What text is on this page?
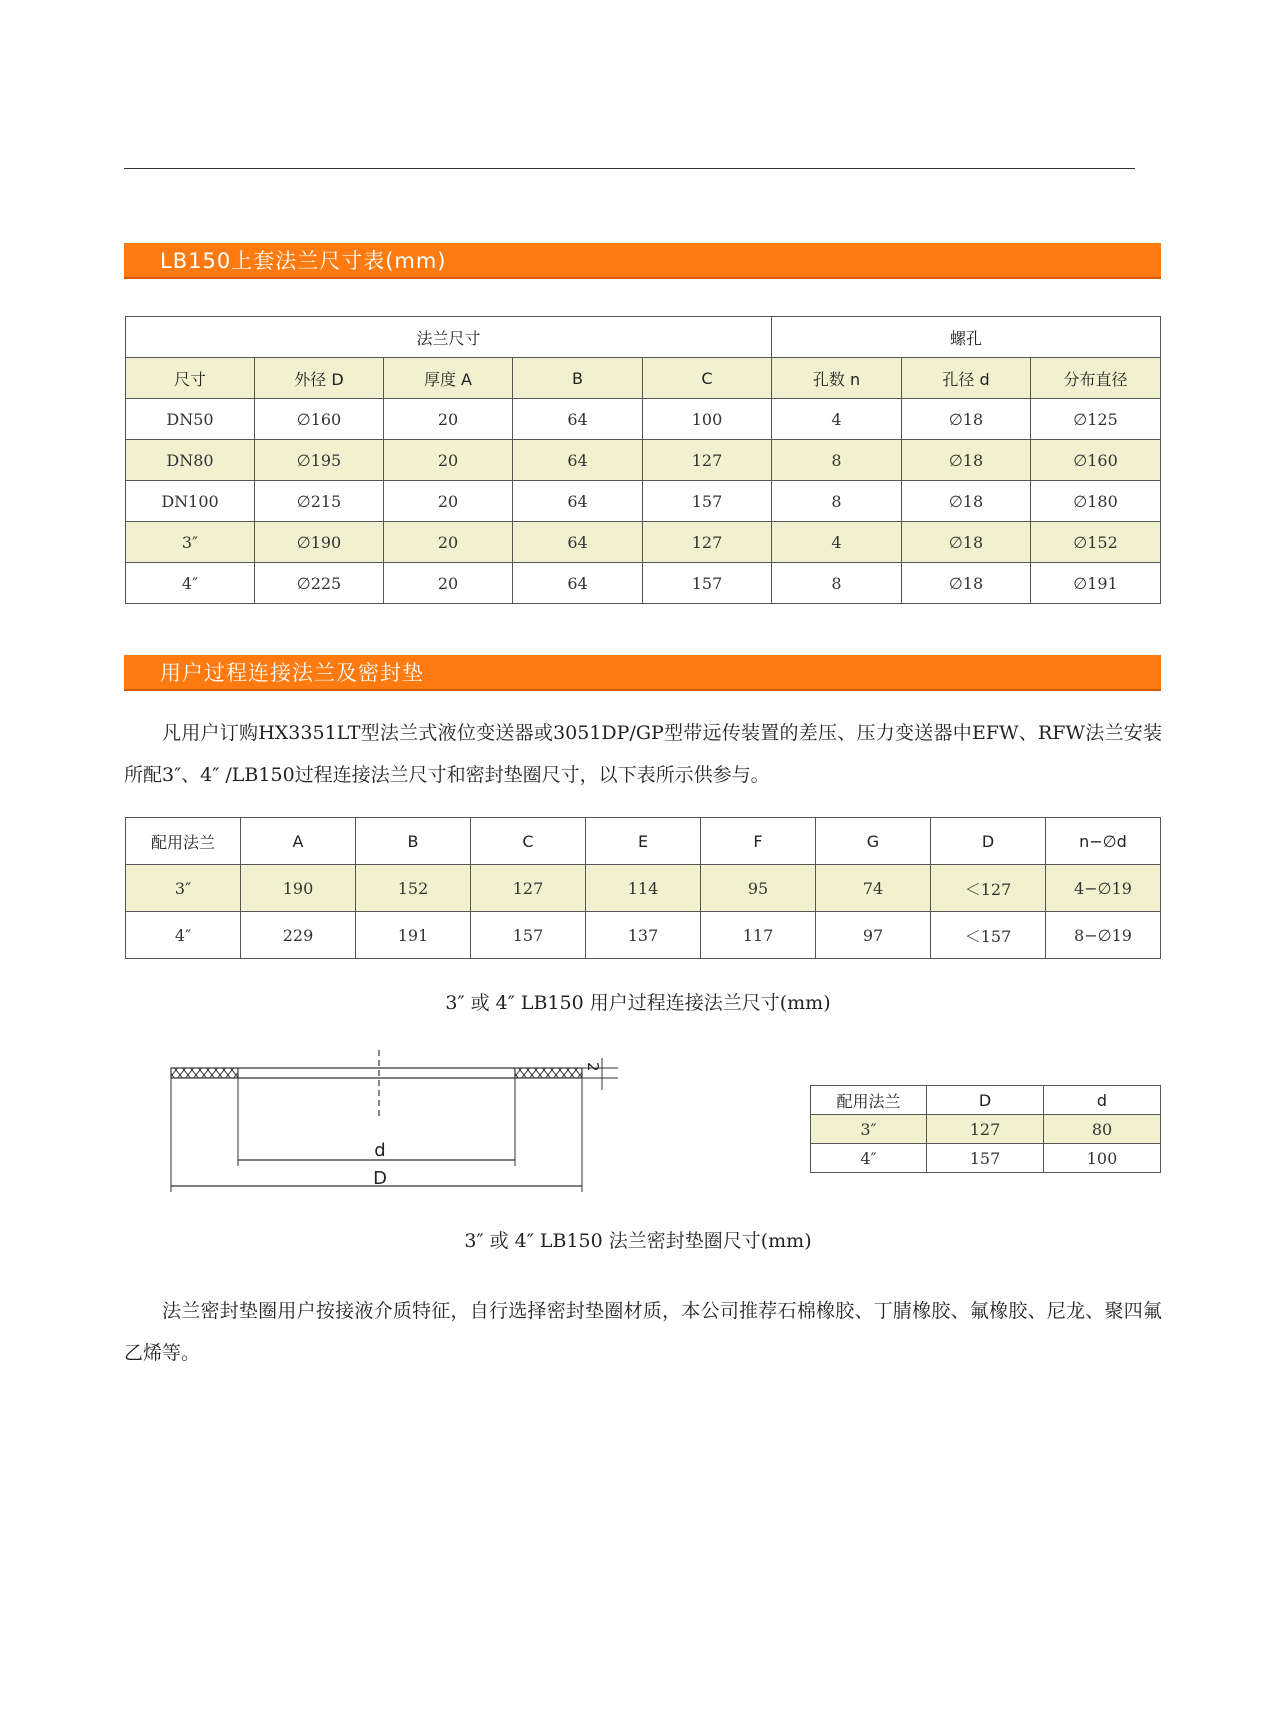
LB150上套法兰尺寸表(mm)
法兰尺寸					螺孔		
尺寸	外径 D	厚度 A	B	C	孔数 n	孔径 d	分布直径
DN50	∅160	20	64	100	4	∅18	∅125
DN80	∅195	20	64	127	8	∅18	∅160
DN100	∅215	20	64	157	8	∅18	∅180
3″	∅190	20	64	127	4	∅18	∅152
4″	∅225	20	64	157	8	∅18	∅191
用户过程连接法兰及密封垫
凡用户订购HX3351LT型法兰式液位变送器或3051DP/GP型带远传装置的差压、压力变送器中EFW、RFW法兰安装所配3″、4″ /LB150过程连接法兰尺寸和密封垫圈尺寸，以下表所示供参与。
配用法兰	A	B	C	E	F	G	D	n−∅d
3″	190	152	127	114	95	74	＜127	4−∅19
4″	229	191	157	137	117	97	＜157	8−∅19
3″ 或 4″ LB150 用户过程连接法兰尺寸(mm)
d
D
2
配用法兰	D	d
3″	127	80
4″	157	100
3″ 或 4″ LB150 法兰密封垫圈尺寸(mm)
法兰密封垫圈用户按接液介质特征，自行选择密封垫圈材质，本公司推荐石棉橡胶、丁腈橡胶、氟橡胶、尼龙、聚四氟乙烯等。
